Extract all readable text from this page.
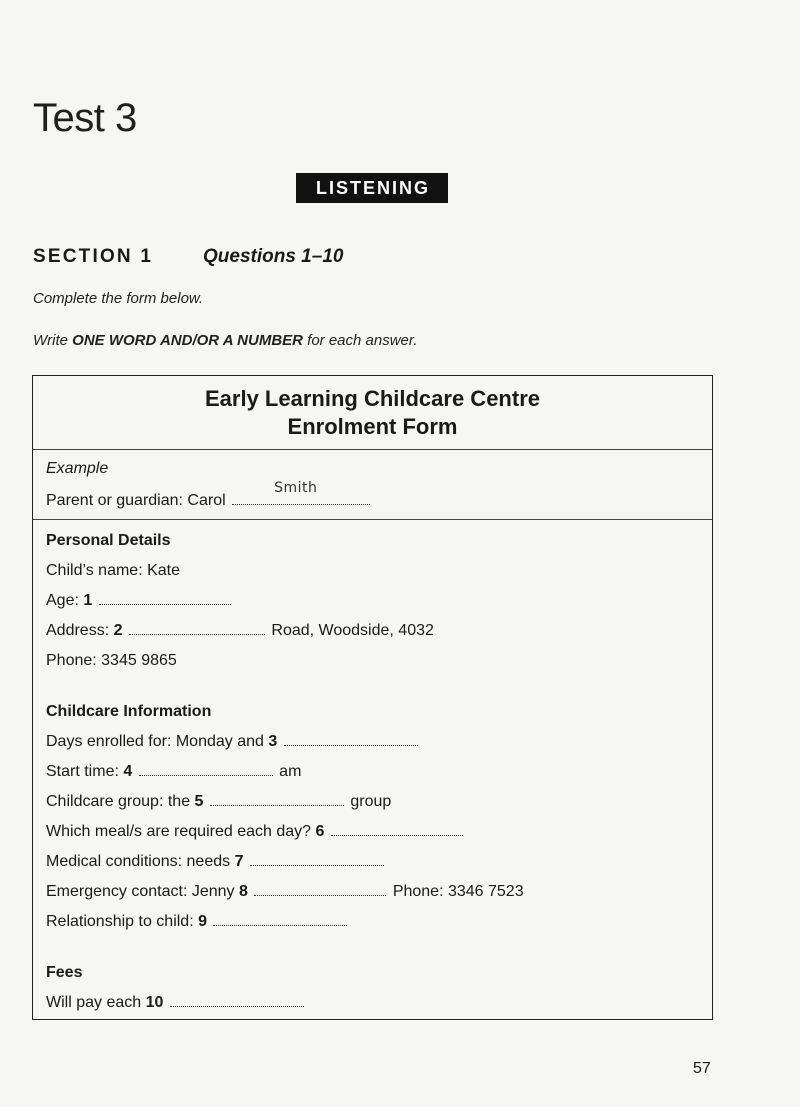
Test 3
LISTENING
SECTION 1	Questions 1–10
Complete the form below.
Write ONE WORD AND/OR A NUMBER for each answer.
Early Learning Childcare Centre
Enrolment Form
Example
Parent or guardian: Carol
Smith
Personal Details
Child’s name: Kate
Age: 1
Address: 2	Road, Woodside, 4032
Phone: 3345 9865
Childcare Information
Days enrolled for: Monday and 3
Start time: 4	am
Childcare group: the 5	group
Which meal/s are required each day? 6
Medical conditions: needs 7
Emergency contact: Jenny 8	Phone: 3346 7523
Relationship to child: 9
Fees
Will pay each 10
57
